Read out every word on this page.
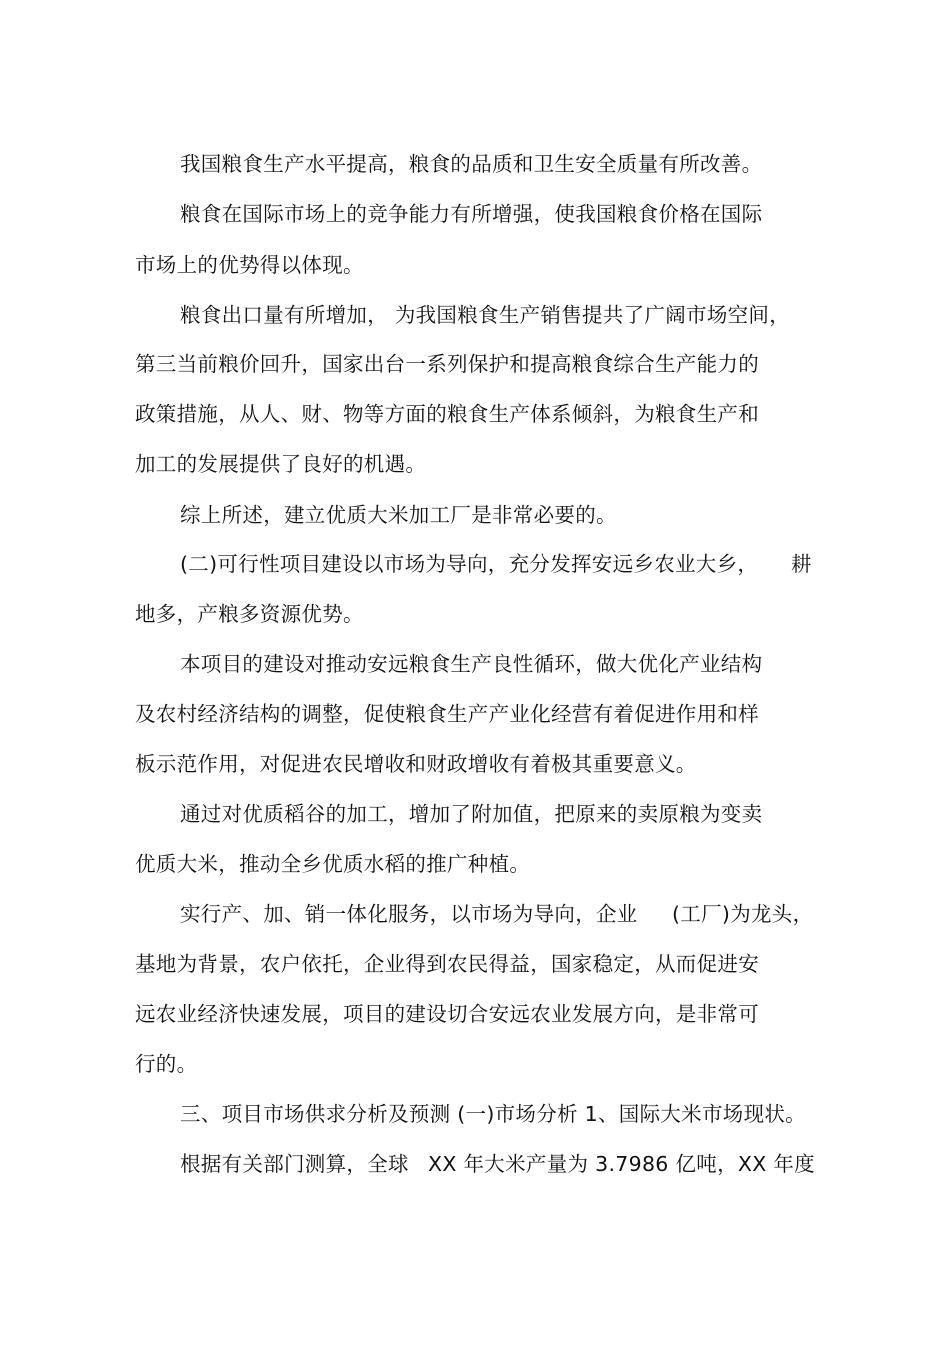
我国粮食生产水平提高，粮食的品质和卫生安全质量有所改善。
粮食在国际市场上的竞争能力有所增强，使我国粮食价格在国际
市场上的优势得以体现。
粮食出口量有所增加， 为我国粮食生产销售提共了广阔市场空间，
第三当前粮价回升，国家出台一系列保护和提高粮食综合生产能力的
政策措施，从人、财、物等方面的粮食生产体系倾斜，为粮食生产和
加工的发展提供了良好的机遇。
综上所述，建立优质大米加工厂是非常必要的。
(二)可行性项目建设以市场为导向，充分发挥安远乡农业大乡， 耕
地多，产粮多资源优势。
本项目的建设对推动安远粮食生产良性循环，做大优化产业结构
及农村经济结构的调整，促使粮食生产产业化经营有着促进作用和样
板示范作用，对促进农民增收和财政增收有着极其重要意义。
通过对优质稻谷的加工，增加了附加值，把原来的卖原粮为变卖
优质大米，推动全乡优质水稻的推广种植。
实行产、加、销一体化服务，以市场为导向，企业 (工厂)为龙头，
基地为背景，农户依托，企业得到农民得益，国家稳定，从而促进安
远农业经济快速发展，项目的建设切合安远农业发展方向，是非常可
行的。
三、项目市场供求分析及预测 (一)市场分析 1、国际大米市场现状。
根据有关部门测算，全球 XX 年大米产量为 3.7986 亿吨，XX 年度
